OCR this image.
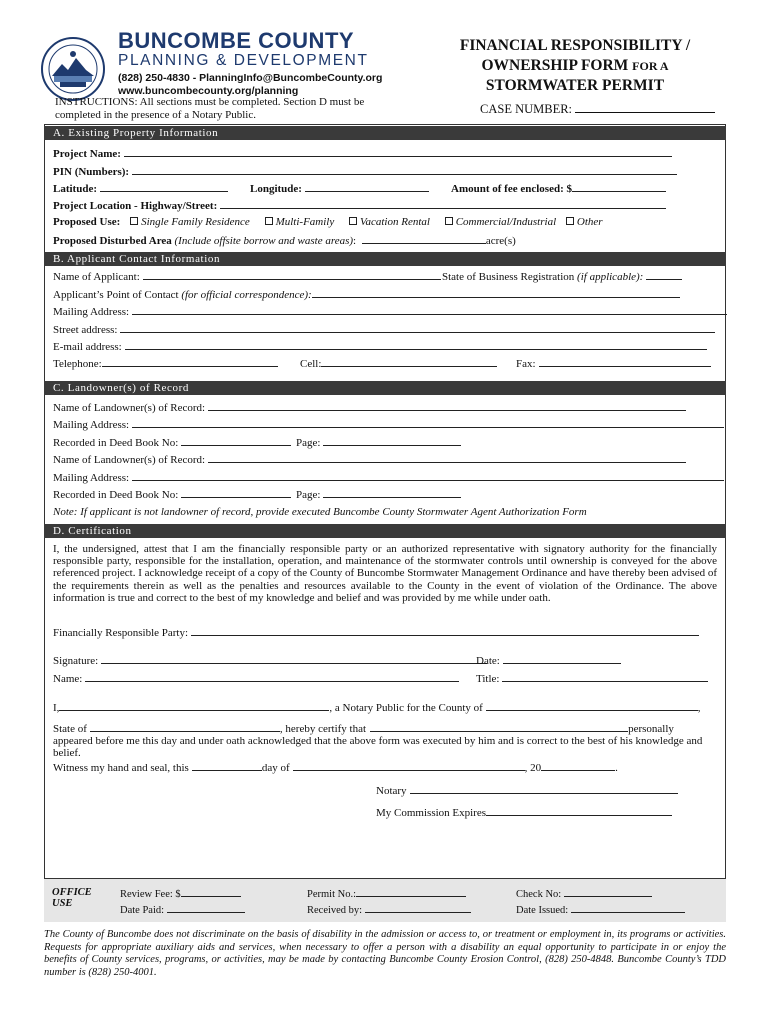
BUNCOMBE COUNTY
PLANNING & DEVELOPMENT
(828) 250-4830 - PlanningInfo@BuncombeCounty.org
www.buncombecounty.org/planning
FINANCIAL RESPONSIBILITY /
OWNERSHIP FORM FOR A
STORMWATER PERMIT
INSTRUCTIONS: All sections must be completed. Section D must be
completed in the presence of a Notary Public.	CASE NUMBER:
A. Existing Property Information
Project Name:
PIN (Numbers):
Latitude:	Longitude:	Amount of fee enclosed: $
Project Location - Highway/Street:
Proposed Use: Single Family Residence Multi-Family Vacation Rental Commercial/Industrial Other
Proposed Disturbed Area (Include offsite borrow and waste areas):	acre(s)
B. Applicant Contact Information
Name of Applicant:	State of Business Registration (if applicable):
Applicant’s Point of Contact (for official correspondence):
Mailing Address:
Street address:
E-mail address:
Telephone:	Cell:	Fax:
C. Landowner(s) of Record
Name of Landowner(s) of Record:
Mailing Address:
Recorded in Deed Book No:	Page:
Name of Landowner(s) of Record:
Mailing Address:
Recorded in Deed Book No:	Page:
Note: If applicant is not landowner of record, provide executed Buncombe County Stormwater Agent Authorization Form
D. Certification
I, the undersigned, attest that I am the financially responsible party or an authorized representative with signatory authority for the financially responsible party, responsible for the installation, operation, and maintenance of the stormwater controls until ownership is conveyed for the above referenced project. I acknowledge receipt of a copy of the County of Buncombe Stormwater Management Ordinance and have thereby been advised of the requirements therein as well as the penalties and resources available to the County in the event of violation of the Ordinance. The above information is true and correct to the best of my knowledge and belief and was provided by me while under oath.
Financially Responsible Party:
Signature:	Date:
Name:	Title:
I,	, a Notary Public for the County of	,
State of	, hereby certify that	personally
appeared before me this day and under oath acknowledged that the above form was executed by him and is correct to the best of his knowledge and belief.
Witness my hand and seal, this	day of	, 20	.
Notary
My Commission Expires
OFFICE
USE
Review Fee: $
Date Paid:
Permit No.:
Received by:
Check No:
Date Issued:
The County of Buncombe does not discriminate on the basis of disability in the admission or access to, or treatment or employment in, its programs or activities. Requests for appropriate auxiliary aids and services, when necessary to offer a person with a disability an equal opportunity to participate in or enjoy the benefits of County services, programs, or activities, may be made by contacting Buncombe County Erosion Control, (828) 250-4848. Buncombe County’s TDD number is (828) 250-4001.
